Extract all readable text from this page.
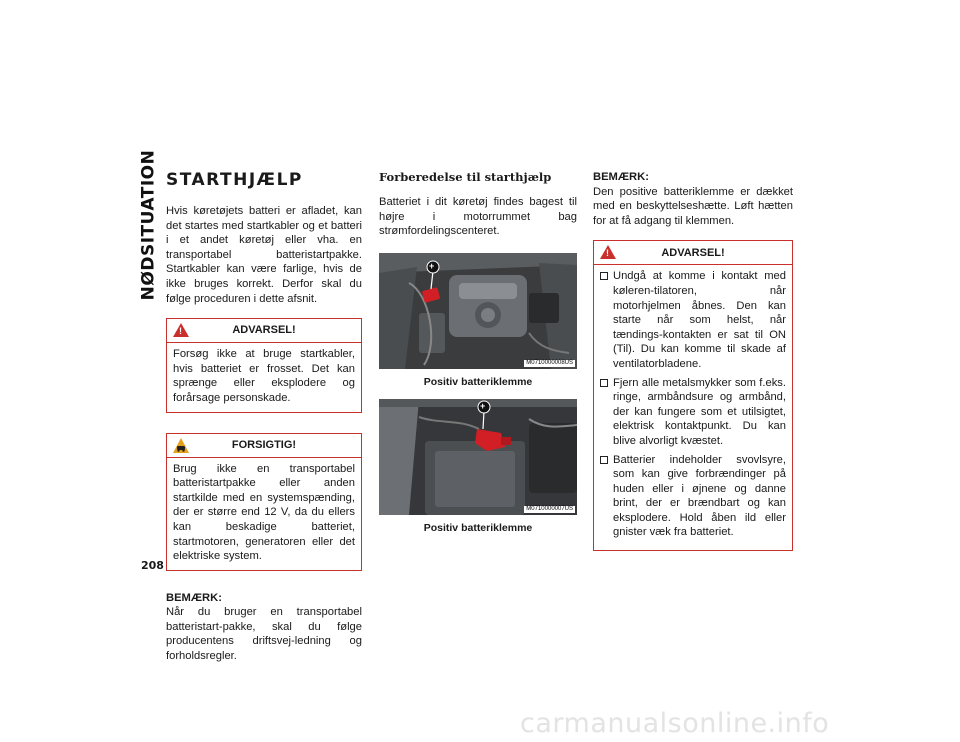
NØDSITUATION
208
STARTHJÆLP

Hvis køretøjets batteri er afladet, kan det startes med startkabler og et batteri i et andet køretøj eller vha. en transportabel batteristartpakke. Startkabler kan være farlige, hvis de ikke bruges korrekt. Derfor skal du følge proceduren i dette afsnit.

!	ADVARSEL!
Forsøg ikke at bruge startkabler, hvis batteriet er frosset. Det kan sprænge eller eksplodere og forårsage personskade.
FORSIGTIG!
Brug ikke en transportabel batteristartpakke eller anden startkilde med en systemspænding, der er større end 12 V, da du ellers kan beskadige batteriet, startmotoren, generatoren eller det elektriske system.
BEMÆRK:

Når du bruger en transportabel batteristart-pakke, skal du følge producentens driftsvej-ledning og forholdsregler.

Forberedelse til starthjælp

Batteriet i dit køretøj findes bagest til højre i motorrummet bag strømfordelingscenteret.

+
M0710000008US
Positiv batteriklemme
+
M0710000007US
Positiv batteriklemme
BEMÆRK:

Den positive batteriklemme er dækket med en beskyttelseshætte. Løft hætten for at få adgang til klemmen.

!	ADVARSEL!
Undgå at komme i kontakt med køleren-tilatoren, når motorhjelmen åbnes. Den kan starte når som helst, når tændings-kontakten er sat til ON (Til). Du kan komme til skade af ventilatorbladene.
Fjern alle metalsmykker som f.eks. ringe, armbåndsure og armbånd, der kan fungere som et utilsigtet, elektrisk kontaktpunkt. Du kan blive alvorligt kvæstet.
Batterier indeholder svovlsyre, som kan give forbrændinger på huden eller i øjnene og danne brint, der er brændbart og kan eksplodere. Hold åben ild eller gnister væk fra batteriet.
carmanualsonline.info
